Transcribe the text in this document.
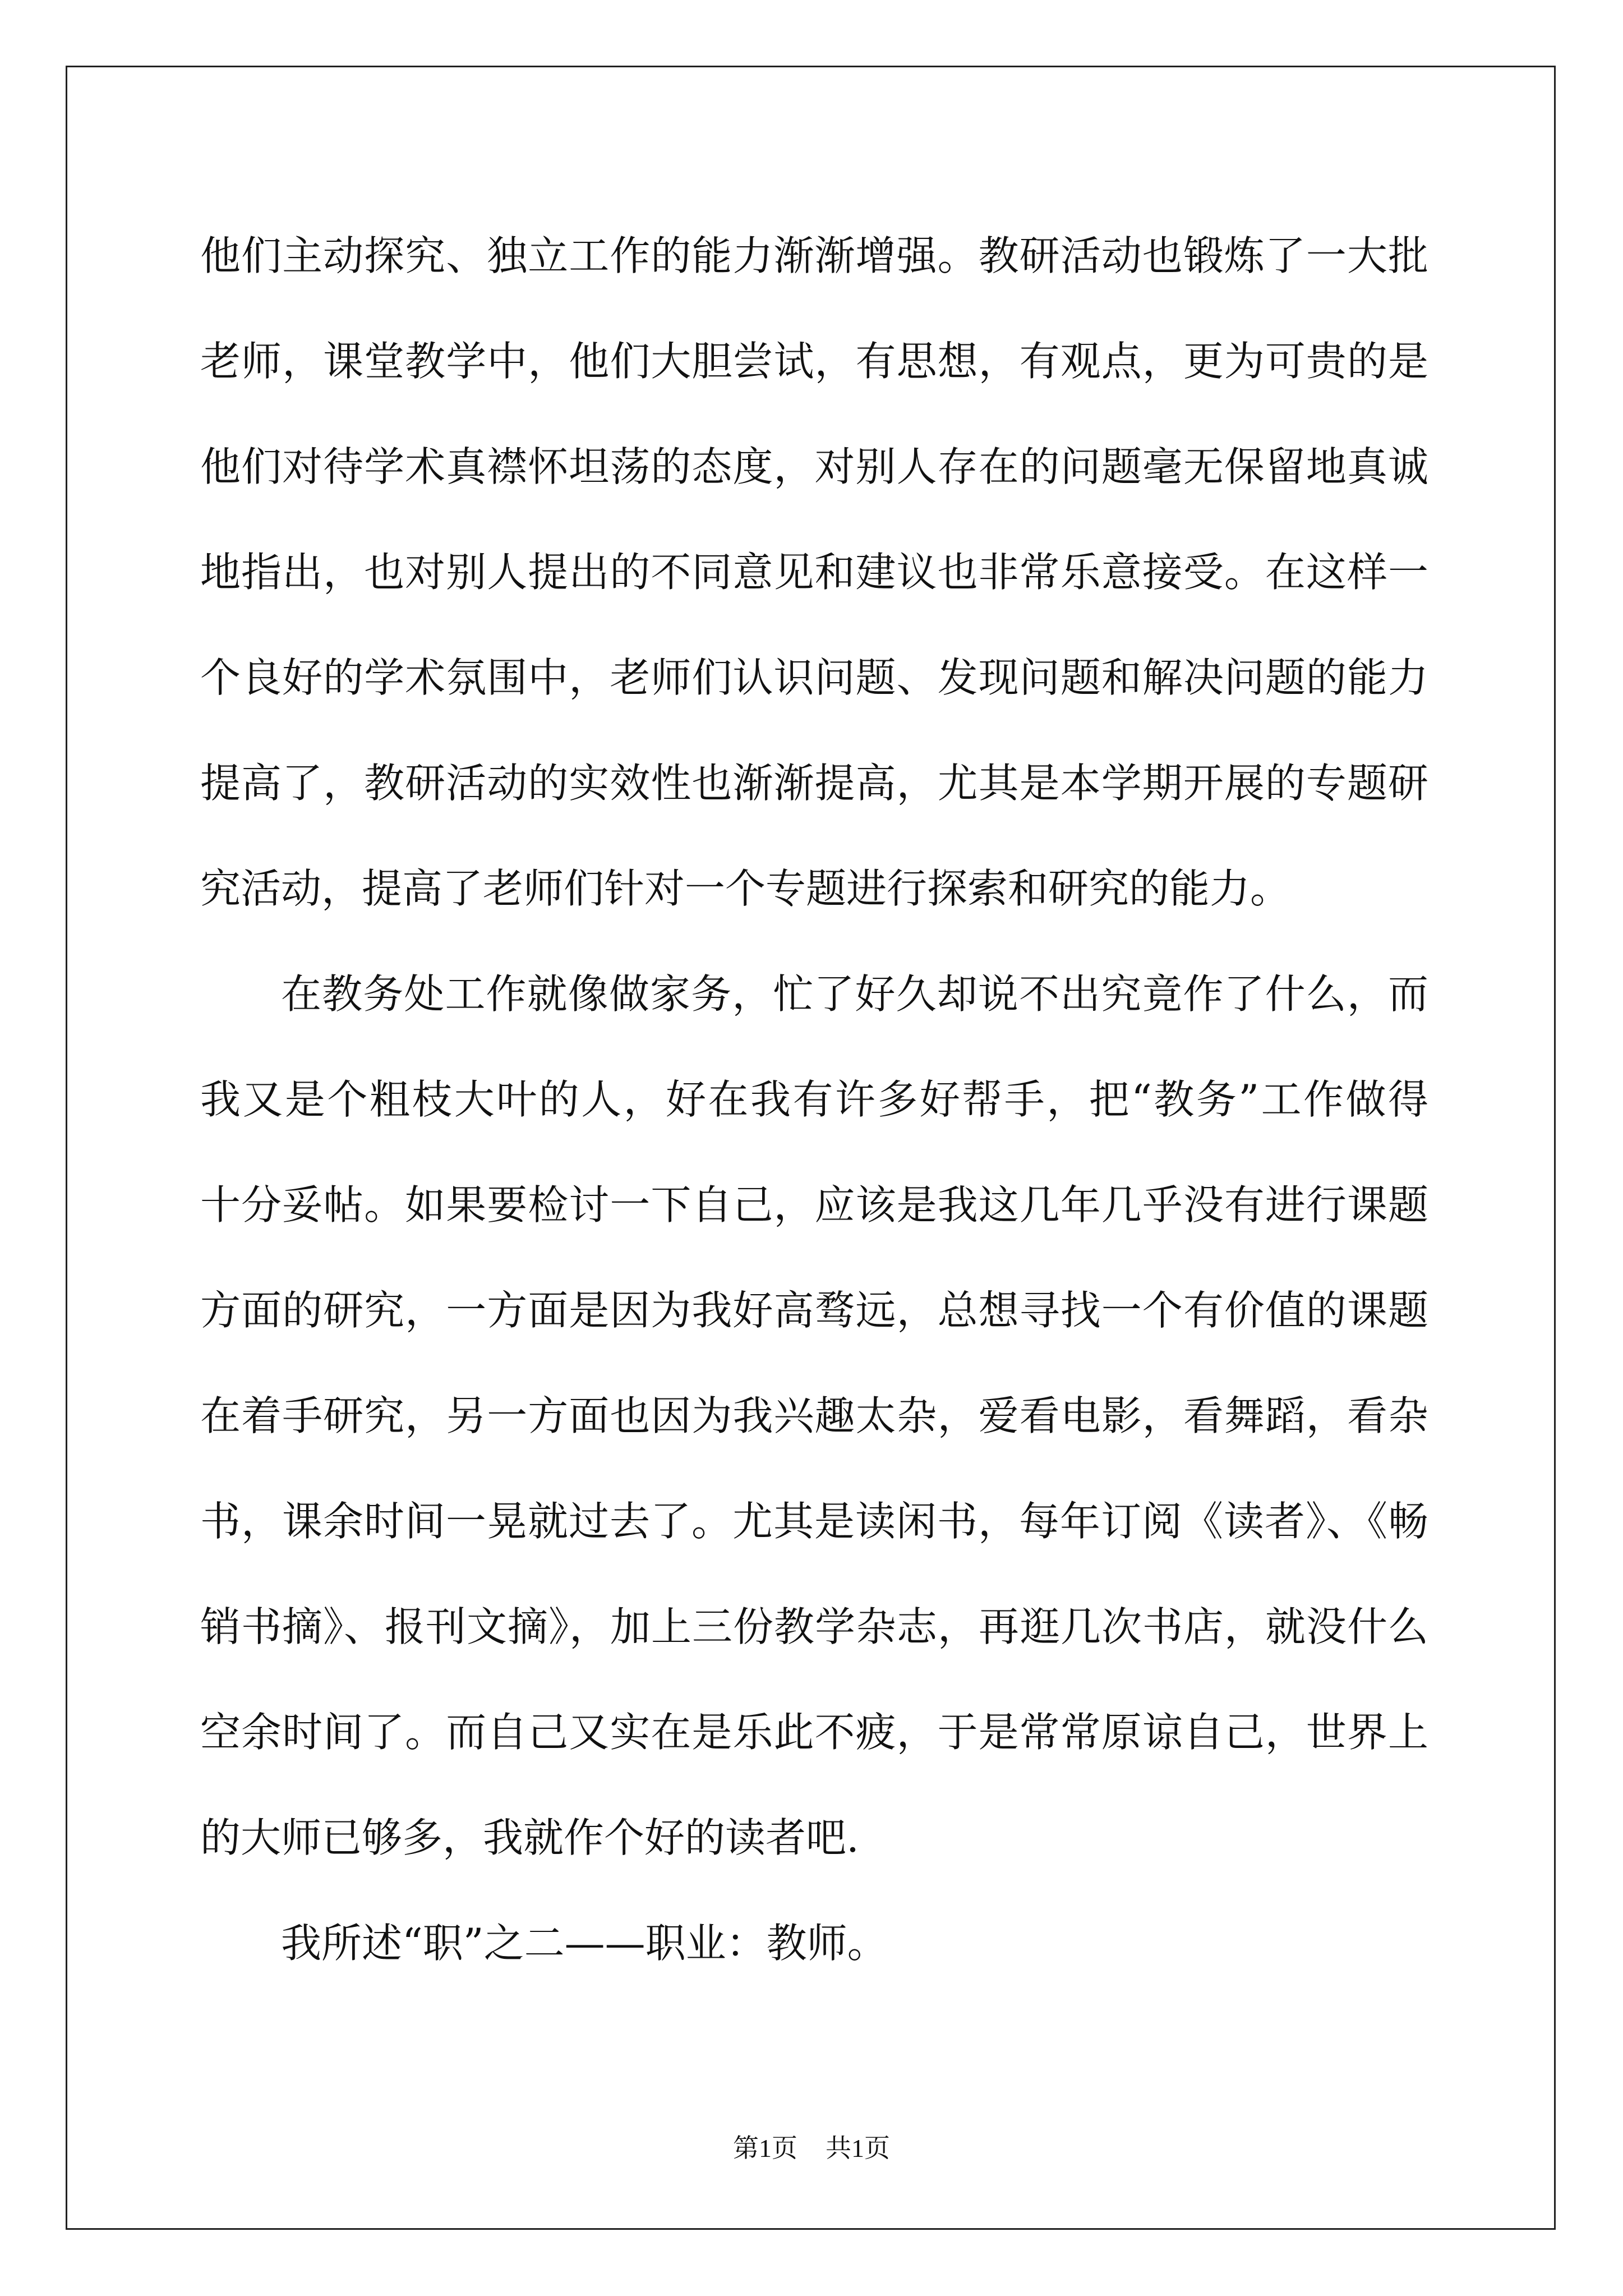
他们主动探究、独立工作的能力渐渐增强。教研活动也锻炼了一大批
老师，课堂教学中，他们大胆尝试，有思想，有观点，更为可贵的是
他们对待学术真襟怀坦荡的态度，对别人存在的问题毫无保留地真诚
地指出，也对别人提出的不同意见和建议也非常乐意接受。在这样一
个良好的学术氛围中，老师们认识问题、发现问题和解决问题的能力
提高了，教研活动的实效性也渐渐提高，尤其是本学期开展的专题研
究活动，提高了老师们针对一个专题进行探索和研究的能力。
在教务处工作就像做家务，忙了好久却说不出究竟作了什么，而
我又是个粗枝大叶的人，好在我有许多好帮手，把“教务”工作做得
十分妥帖。如果要检讨一下自己，应该是我这几年几乎没有进行课题
方面的研究，一方面是因为我好高骛远，总想寻找一个有价值的课题
在着手研究，另一方面也因为我兴趣太杂，爱看电影，看舞蹈，看杂
书，课余时间一晃就过去了。尤其是读闲书，每年订阅《读者》、《畅
销书摘》、报刊文摘》，加上三份教学杂志，再逛几次书店，就没什么
空余时间了。而自己又实在是乐此不疲，于是常常原谅自己，世界上
的大师已够多，我就作个好的读者吧.
我所述“职”之二——职业：教师。
第1页 共1页
